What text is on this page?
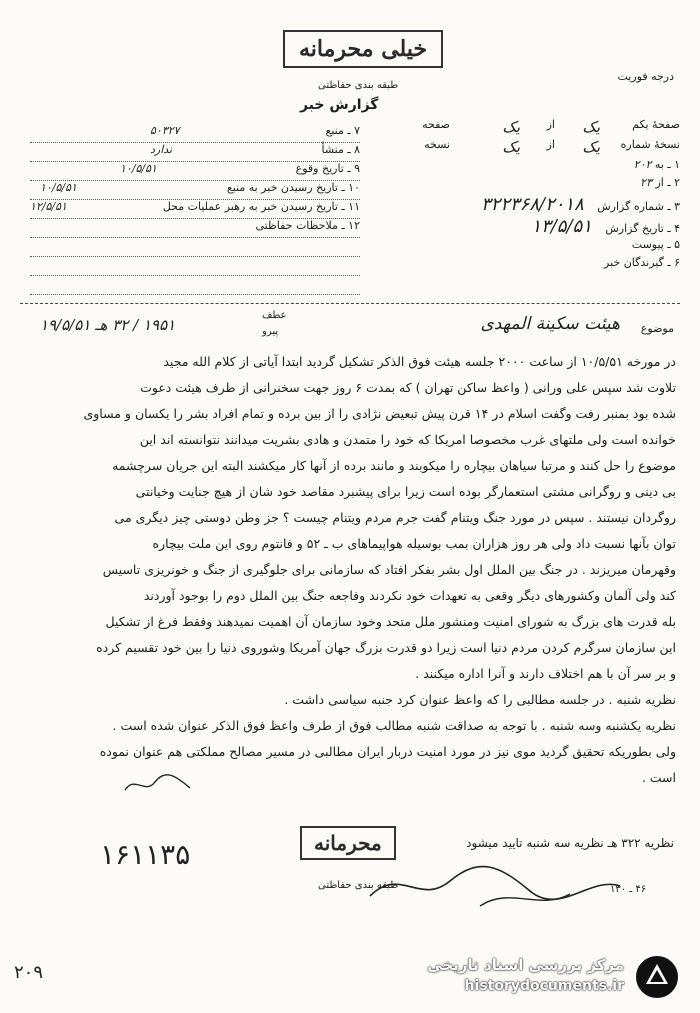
خیلی محرمانه
طبقه بندی حفاظتی
گزارش خبر
درجه فوریت
صفحهٔ یکم
یک
از
یک
صفحه
نسخهٔ شماره
یک
از
یک
نسخه
۱ ـ به ۲۰۲
۲ ـ از ۲۳
۳ ـ شماره گزارش ۳۲۲۳۶۸/۲۰۱۸
۴ ـ تاریخ گزارش ۱۳/۵/۵۱
۵ ـ پیوست
۶ ـ گیرندگان خبر
۷ ـ منبع
۵۰۳۲۷
۸ ـ منشأ
ندارد
۹ ـ تاریخ وقوع
۱۰/۵/۵۱
۱۰ ـ تاریخ رسیدن خبر به منبع
۱۰/۵/۵۱
۱۱ ـ تاریخ رسیدن خبر به رهبر عملیات محل
۱۲/۵/۵۱
۱۲ ـ ملاحظات حفاظتی
موضوع
هیئت سکینة المهدی
عطف
پیرو
۱۹۵۱ / ۳۲ هـ ۱۹/۵/۵۱
در مورخه ۱۰/۵/۵۱ از ساعت ۲۰۰۰ جلسه هیئت فوق الذکر تشکیل گردید ابتدا آیاتی از کلام الله مجید
تلاوت شد سپس علی ورانی ( واعظ ساکن تهران ) که بمدت ۶ روز جهت سخنرانی از طرف هیئت دعوت
شده بود بمنبر رفت وگفت اسلام در ۱۴ قرن پیش تبعیض نژادی را از بین برده و تمام افراد بشر را یکسان و مساوی
خوانده است ولی ملتهای غرب مخصوصا امریکا که خود را متمدن و هادی بشریت میدانند نتوانسته اند این
موضوع را حل کنند و مرتبا سیاهان بیچاره را میکوبند و مانند برده از آنها کار میکشند البته این جریان سرچشمه
بی دینی و روگرانی مشتی استعمارگر بوده است زیرا برای پیشبرد مقاصد خود شان از هیچ جنایت وخیانتی
روگردان نیستند . سپس در مورد جنگ ویتنام گفت جرم مردم ویتنام چیست ؟ جز وطن دوستی چیز دیگری می
توان بآنها نسبت داد ولی هر روز هزاران بمب بوسیله هواپیماهای ب ـ ۵۲ و فانتوم روی این ملت بیچاره
وقهرمان میریزند . در جنگ بین الملل اول بشر بفکر افتاد که سازمانی برای جلوگیری از جنگ و خونریزی تاسیس
کند ولی آلمان وکشورهای دیگر وقعی به تعهدات خود نکردند وفاجعه جنگ بین الملل دوم را بوجود آوردند
بله قدرت های بزرگ به شورای امنیت ومنشور ملل متحد وخود سازمان آن اهمیت نمیدهند وفقط فرغ از تشکیل
این سازمان سرگرم کردن مردم دنیا است زیرا دو قدرت بزرگ جهان آمریکا وشوروی دنیا را بین خود تقسیم کرده
و بر سر آن با هم اختلاف دارند و آنرا اداره میکنند .
نظریه شنبه . در جلسه مطالبی را که واعظ عنوان کرد جنبه سیاسی داشت .
نظریه یکشنبه وسه شنبه . با توجه به صداقت شنبه مطالب فوق از طرف واعظ فوق الذکر عنوان شده است .
ولی بطوریکه تحقیق گردید موی نیز در مورد امنیت دربار ایران مطالبی در مسیر مصالح مملکتی هم عنوان نموده
است .
نظریه ۳۲۲ هـ نظریه سه شنبه تایید میشود
محرمانه
طبقه بندی حفاظتی
۱۶۱۱۳۵
۴۶ ـ ۱۳۰
۲۰۹	مرکز بررسی اسناد تاریخی
historydocuments.ir
